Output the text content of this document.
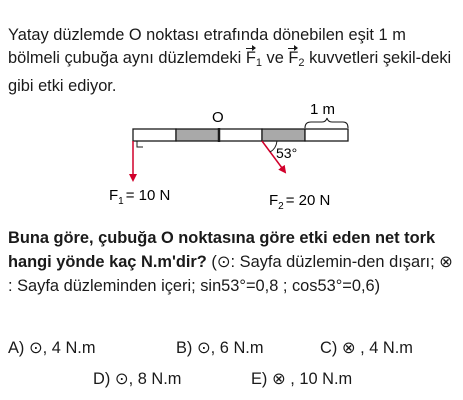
Yatay düzlemde O noktası etrafında dönebilen eşit 1 m bölmeli çubuğa aynı düzlemdeki $F_1$ ve $F_2$ kuvvetleri şekil-deki gibi etki ediyor.

O	1 m
53°
$F_1 = 10$ N	$F_2 = 20$ N

Buna göre, çubuğa O noktasına göre etki eden net tork hangi yönde kaç N.m'dir? (⊙: Sayfa düzlemin-den dışarı; ⊗ : Sayfa düzleminden içeri; sin53°=0,8 ; cos53°=0,6)

A) ⊙, 4 N.m	B) ⊙, 6 N.m	C) ⊗ , 4 N.m
D) ⊙, 8 N.m	E) ⊗ , 10 N.m
